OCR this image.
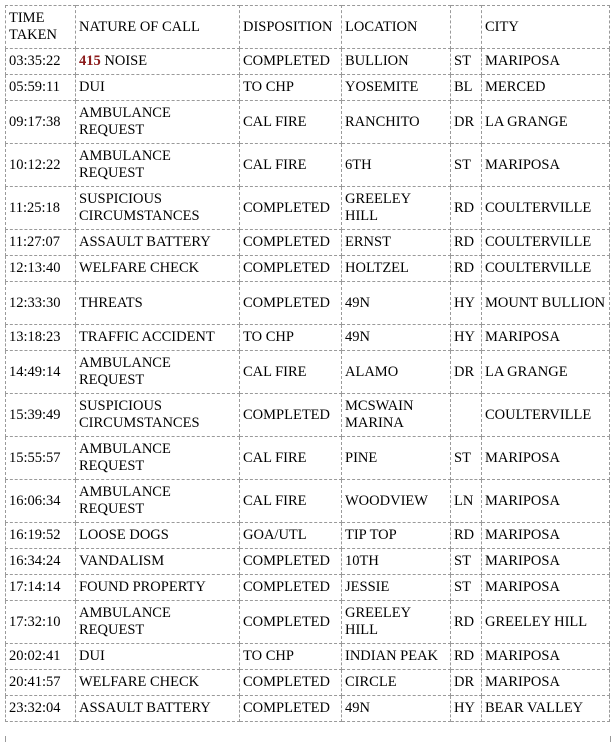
TIME TAKEN	NATURE OF CALL	DISPOSITION	LOCATION		CITY
03:35:22	415 NOISE	COMPLETED	BULLION	ST	MARIPOSA
05:59:11	DUI	TO CHP	YOSEMITE	BL	MERCED
09:17:38	AMBULANCE REQUEST	CAL FIRE	RANCHITO	DR	LA GRANGE
10:12:22	AMBULANCE REQUEST	CAL FIRE	6TH	ST	MARIPOSA
11:25:18	SUSPICIOUS CIRCUMSTANCES	COMPLETED	GREELEY HILL	RD	COULTERVILLE
11:27:07	ASSAULT BATTERY	COMPLETED	ERNST	RD	COULTERVILLE
12:13:40	WELFARE CHECK	COMPLETED	HOLTZEL	RD	COULTERVILLE
12:33:30	THREATS	COMPLETED	49N	HY	MOUNT BULLION
13:18:23	TRAFFIC ACCIDENT	TO CHP	49N	HY	MARIPOSA
14:49:14	AMBULANCE REQUEST	CAL FIRE	ALAMO	DR	LA GRANGE
15:39:49	SUSPICIOUS CIRCUMSTANCES	COMPLETED	MCSWAIN MARINA		COULTERVILLE
15:55:57	AMBULANCE REQUEST	CAL FIRE	PINE	ST	MARIPOSA
16:06:34	AMBULANCE REQUEST	CAL FIRE	WOODVIEW	LN	MARIPOSA
16:19:52	LOOSE DOGS	GOA/UTL	TIP TOP	RD	MARIPOSA
16:34:24	VANDALISM	COMPLETED	10TH	ST	MARIPOSA
17:14:14	FOUND PROPERTY	COMPLETED	JESSIE	ST	MARIPOSA
17:32:10	AMBULANCE REQUEST	COMPLETED	GREELEY HILL	RD	GREELEY HILL
20:02:41	DUI	TO CHP	INDIAN PEAK	RD	MARIPOSA
20:41:57	WELFARE CHECK	COMPLETED	CIRCLE	DR	MARIPOSA
23:32:04	ASSAULT BATTERY	COMPLETED	49N	HY	BEAR VALLEY
